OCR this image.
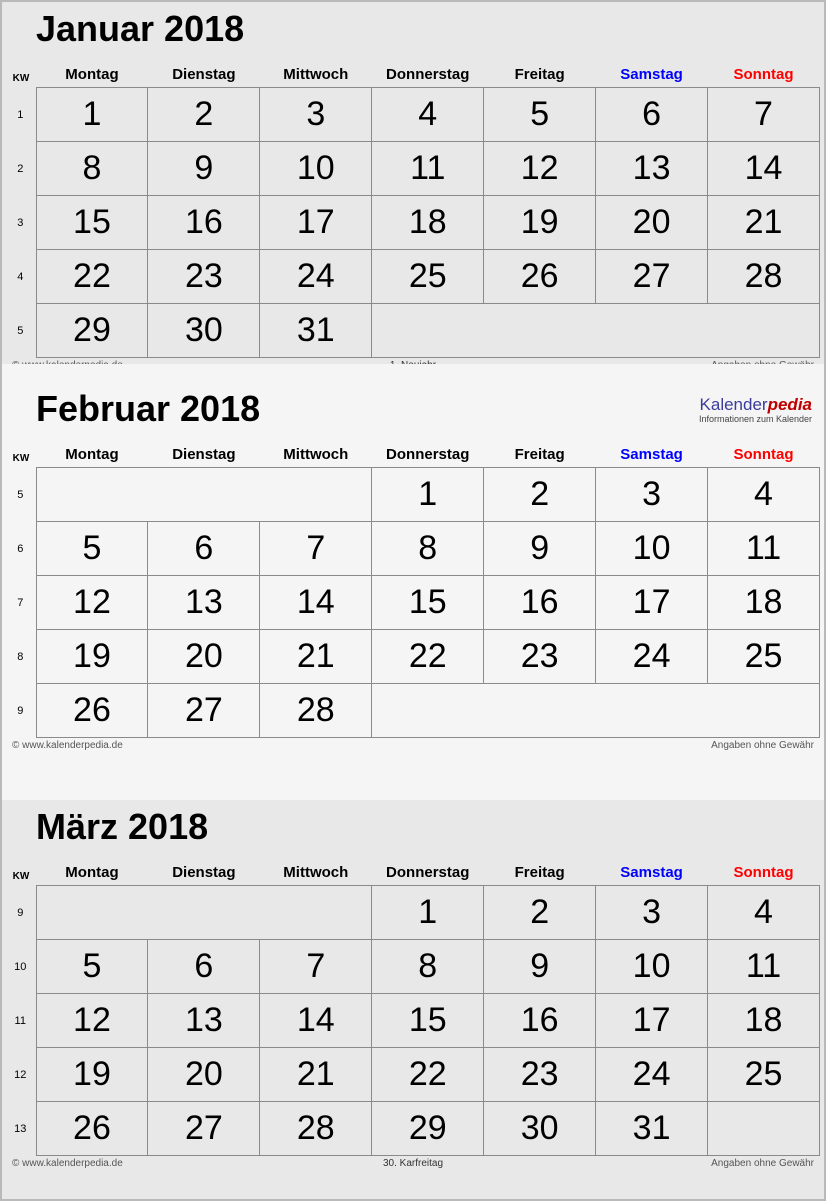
Januar 2018
KW	Montag	Dienstag	Mittwoch	Donnerstag	Freitag	Samstag	Sonntag
1	1	2	3	4	5	6	7
2	8	9	10	11	12	13	14
3	15	16	17	18	19	20	21
4	22	23	24	25	26	27	28
5	29	30	31				
Februar 2018	Kalenderpedia
Informationen zum Kalender
KW	Montag	Dienstag	Mittwoch	Donnerstag	Freitag	Samstag	Sonntag
5				1	2	3	4
6	5	6	7	8	9	10	11
7	12	13	14	15	16	17	18
8	19	20	21	22	23	24	25
9	26	27	28				
© www.kalenderpedia.de	Angaben ohne Gewähr
März 2018
KW	Montag	Dienstag	Mittwoch	Donnerstag	Freitag	Samstag	Sonntag
9				1	2	3	4
10	5	6	7	8	9	10	11
11	12	13	14	15	16	17	18
12	19	20	21	22	23	24	25
13	26	27	28	29	30	31	
© www.kalenderpedia.de	30. Karfreitag	Angaben ohne Gewähr
